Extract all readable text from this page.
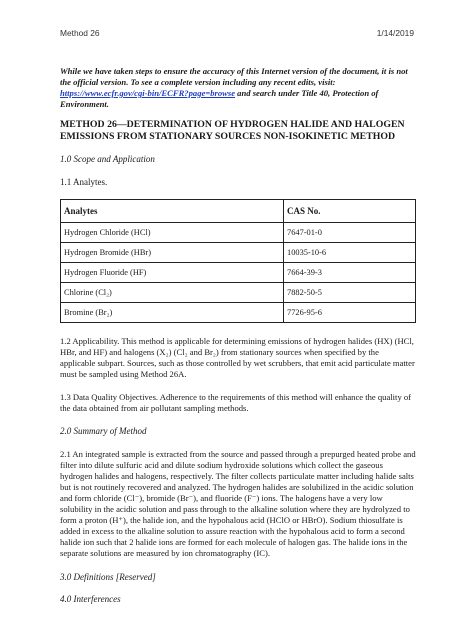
Method 26	1/14/2019

While we have taken steps to ensure the accuracy of this Internet version of the document, it is not the official version. To see a complete version including any recent edits, visit: https://www.ecfr.gov/cgi-bin/ECFR?page=browse and search under Title 40, Protection of Environment.

METHOD 26—DETERMINATION OF HYDROGEN HALIDE AND HALOGEN EMISSIONS FROM STATIONARY SOURCES NON-ISOKINETIC METHOD

1.0 Scope and Application

1.1 Analytes.

Analytes	CAS No.
Hydrogen Chloride (HCl)	7647-01-0
Hydrogen Bromide (HBr)	10035-10-6
Hydrogen Fluoride (HF)	7664-39-3
Chlorine (Cl₂)	7882-50-5
Bromine (Br₂)	7726-95-6

1.2 Applicability. This method is applicable for determining emissions of hydrogen halides (HX) (HCl, HBr, and HF) and halogens (X₂) (Cl₂ and Br₂) from stationary sources when specified by the applicable subpart. Sources, such as those controlled by wet scrubbers, that emit acid particulate matter must be sampled using Method 26A.

1.3 Data Quality Objectives. Adherence to the requirements of this method will enhance the quality of the data obtained from air pollutant sampling methods.

2.0 Summary of Method

2.1 An integrated sample is extracted from the source and passed through a prepurged heated probe and filter into dilute sulfuric acid and dilute sodium hydroxide solutions which collect the gaseous hydrogen halides and halogens, respectively. The filter collects particulate matter including halide salts but is not routinely recovered and analyzed. The hydrogen halides are solubilized in the acidic solution and form chloride (Cl⁻), bromide (Br⁻), and fluoride (F⁻) ions. The halogens have a very low solubility in the acidic solution and pass through to the alkaline solution where they are hydrolyzed to form a proton (H⁺), the halide ion, and the hypohalous acid (HClO or HBrO). Sodium thiosulfate is added in excess to the alkaline solution to assure reaction with the hypohalous acid to form a second halide ion such that 2 halide ions are formed for each molecule of halogen gas. The halide ions in the separate solutions are measured by ion chromatography (IC).

3.0 Definitions [Reserved]

4.0 Interferences
